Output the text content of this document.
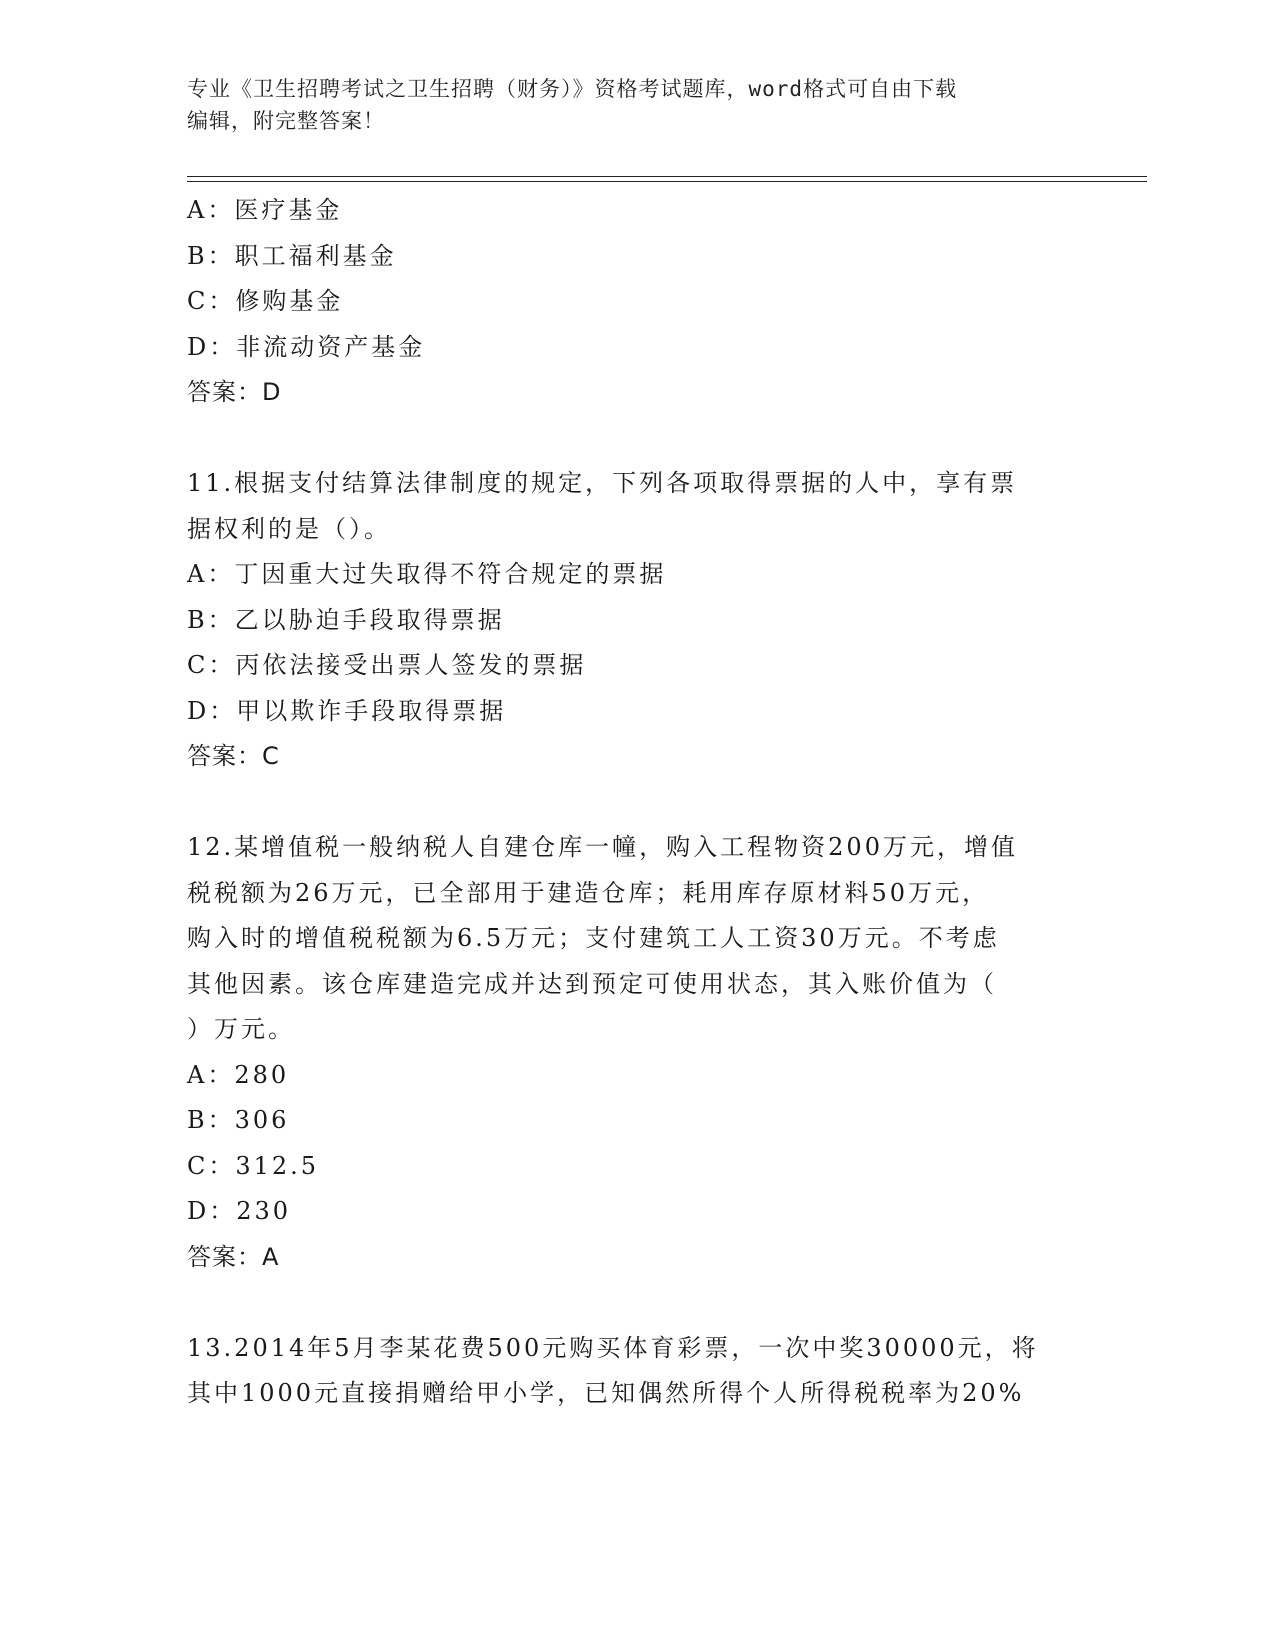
专业《卫生招聘考试之卫生招聘（财务）》资格考试题库，word格式可自由下载
编辑，附完整答案！
A：医疗基金
B：职工福利基金
C：修购基金
D：非流动资产基金
答案：D
11.根据支付结算法律制度的规定，下列各项取得票据的人中，享有票
据权利的是（）。
A：丁因重大过失取得不符合规定的票据
B：乙以胁迫手段取得票据
C：丙依法接受出票人签发的票据
D：甲以欺诈手段取得票据
答案：C
12.某增值税一般纳税人自建仓库一幢，购入工程物资200万元，增值
税税额为26万元，已全部用于建造仓库；耗用库存原材料50万元，
购入时的增值税税额为6.5万元；支付建筑工人工资30万元。不考虑
其他因素。该仓库建造完成并达到预定可使用状态，其入账价值为（
）万元。
A：280
B：306
C：312.5
D：230
答案：A
13.2014年5月李某花费500元购买体育彩票，一次中奖30000元，将
其中1000元直接捐赠给甲小学，已知偶然所得个人所得税税率为20%
